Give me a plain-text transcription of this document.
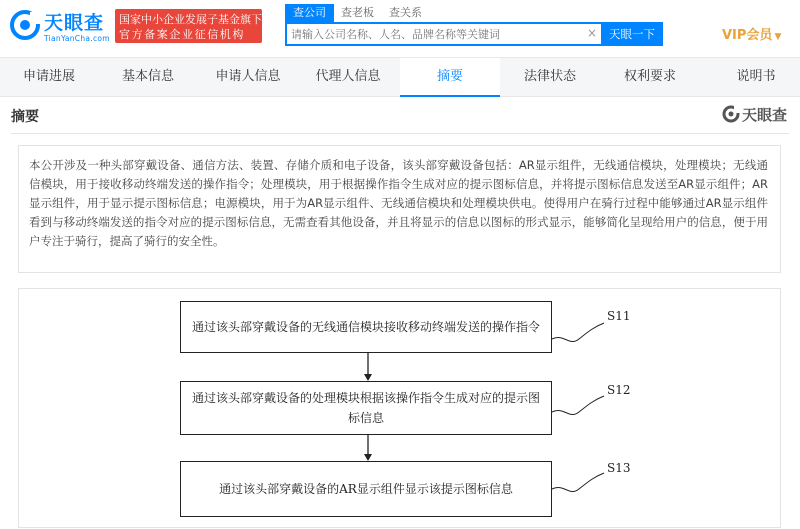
天眼查
TianYanCha.com
国家中小企业发展子基金旗下
官方备案企业征信机构
查公司	查老板 查关系
请输入公司名称、人名、品牌名称等关键词
×	天眼一下	VIP会员 ▼
申请进展	基本信息	申请人信息	代理人信息	摘要	法律状态	权利要求	说明书
摘要	天眼查

本公开涉及一种头部穿戴设备、通信方法、装置、存储介质和电子设备，该头部穿戴设备包括：AR显示组件，无线通信模块，处理模块；无线通信模块，用于接收移动终端发送的操作指令；处理模块，用于根据操作指令生成对应的提示图标信息，并将提示图标信息发送至AR显示组件；AR显示组件，用于显示提示图标信息；电源模块，用于为AR显示组件、无线通信模块和处理模块供电。使得用户在骑行过程中能够通过AR显示组件看到与移动终端发送的指令对应的提示图标信息，无需查看其他设备，并且将显示的信息以图标的形式显示，能够简化呈现给用户的信息，便于用户专注于骑行，提高了骑行的安全性。

通过该头部穿戴设备的无线通信模块接收移动终端发送的操作指令
S11
通过该头部穿戴设备的处理模块根据该操作指令生成对应的提示图标信息
S12
通过该头部穿戴设备的AR显示组件显示该提示图标信息
S13
